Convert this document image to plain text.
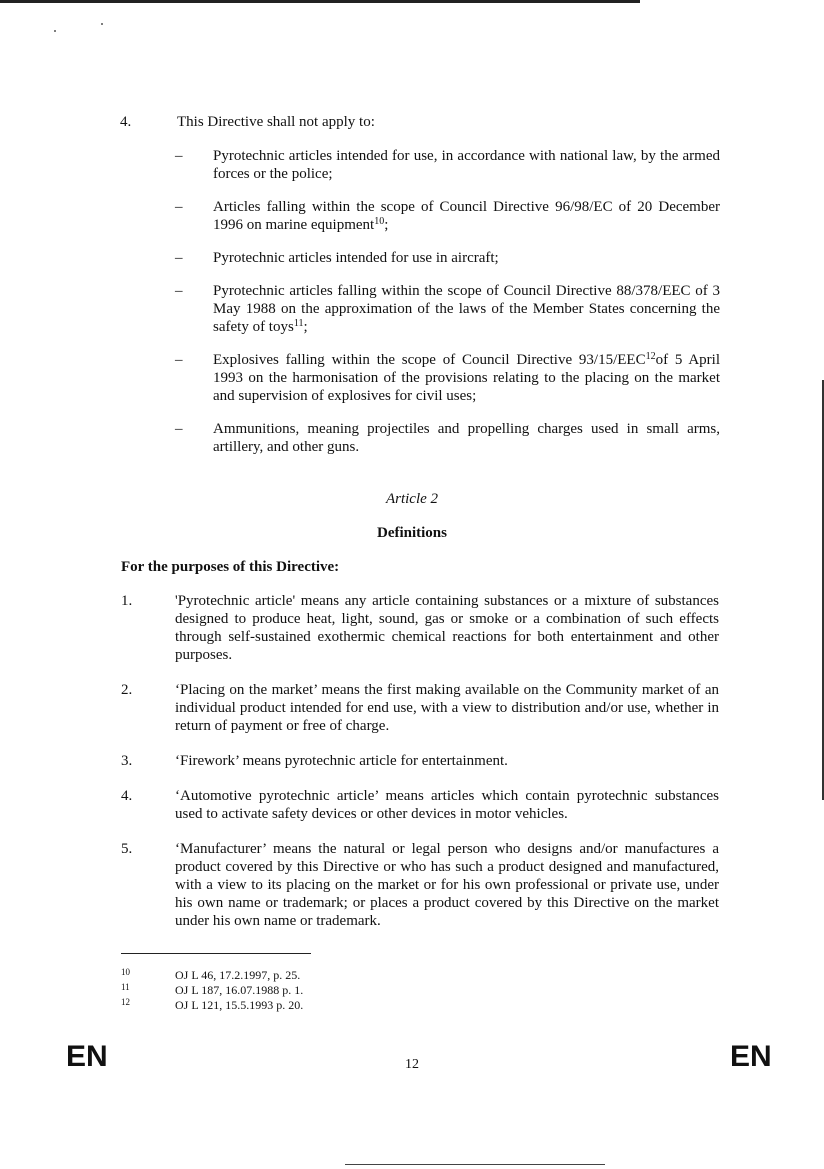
4.	This Directive shall not apply to:
– Pyrotechnic articles intended for use, in accordance with national law, by the armed forces or the police;
– Articles falling within the scope of Council Directive 96/98/EC of 20 December 1996 on marine equipment$^{10}$;
– Pyrotechnic articles intended for use in aircraft;
– Pyrotechnic articles falling within the scope of Council Directive 88/378/EEC of 3 May 1988 on the approximation of the laws of the Member States concerning the safety of toys$^{11}$;
– Explosives falling within the scope of Council Directive 93/15/EEC$^{12}$of 5 April 1993 on the harmonisation of the provisions relating to the placing on the market and supervision of explosives for civil uses;
– Ammunitions, meaning projectiles and propelling charges used in small arms, artillery, and other guns.
Article 2
Definitions
For the purposes of this Directive:
1.	'Pyrotechnic article' means any article containing substances or a mixture of substances designed to produce heat, light, sound, gas or smoke or a combination of such effects through self-sustained exothermic chemical reactions for both entertainment and other purposes.
2.	‘Placing on the market’ means the first making available on the Community market of an individual product intended for end use, with a view to distribution and/or use, whether in return of payment or free of charge.
3.	‘Firework’ means pyrotechnic article for entertainment.
4.	‘Automotive pyrotechnic article’ means articles which contain pyrotechnic substances used to activate safety devices or other devices in motor vehicles.
5.	‘Manufacturer’ means the natural or legal person who designs and/or manufactures a product covered by this Directive or who has such a product designed and manufactured, with a view to its placing on the market or for his own professional or private use, under his own name or trademark; or places a product covered by this Directive on the market under his own name or trademark.
10	OJ L 46, 17.2.1997, p. 25.
11	OJ L 187, 16.07.1988 p. 1.
12	OJ L 121, 15.5.1993 p. 20.
EN	12	EN
